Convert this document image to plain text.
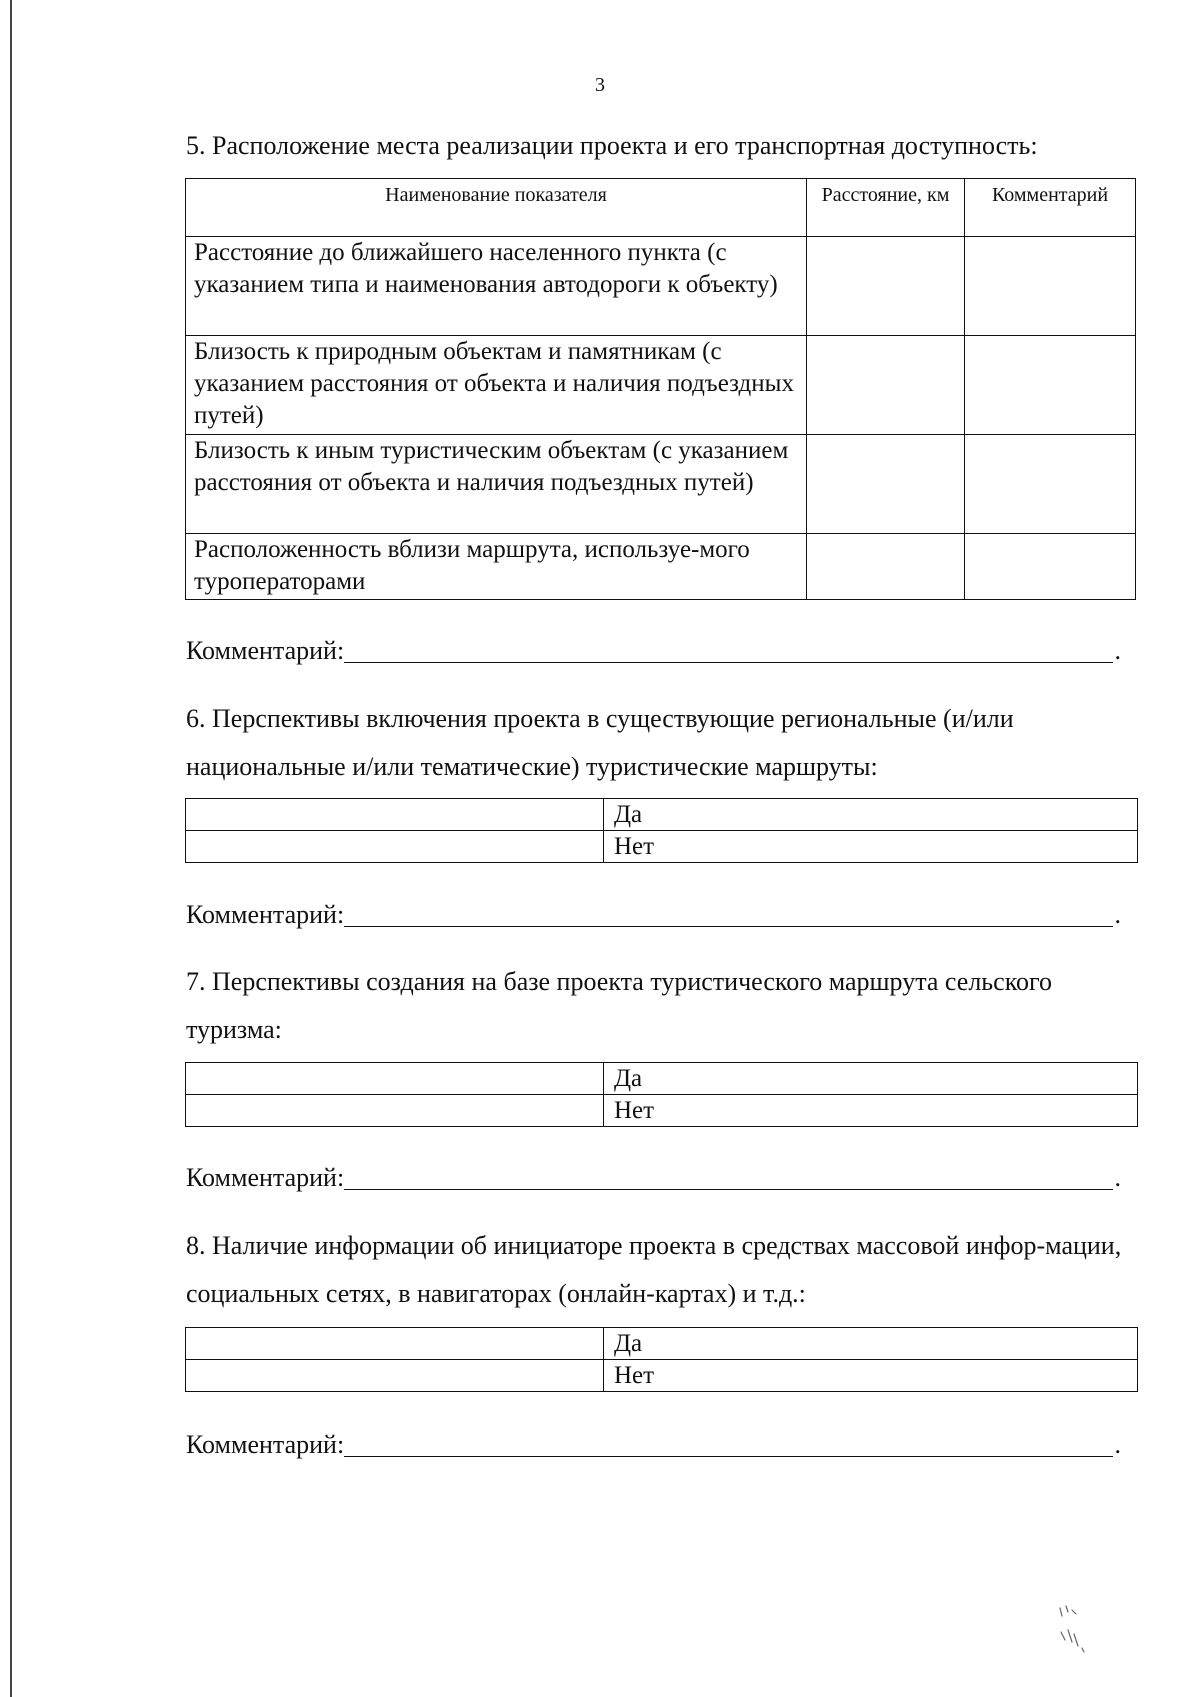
3
5. Расположение места реализации проекта и его транспортная доступность:
Наименование показателя	Расстояние, км	Комментарий
Расстояние до ближайшего населенного пункта (с указанием типа и наименования автодороги к объекту)		
Близость к природным объектам и памятникам (с указанием расстояния от объекта и наличия подъездных путей)		
Близость к иным туристическим объектам (с указанием расстояния от объекта и наличия подъездных путей)		
Расположенность вблизи маршрута, используе-мого туроператорами		
Комментарий:	.
6. Перспективы включения проекта в существующие региональные (и/или национальные и/или тематические) туристические маршруты:
	Да
	Нет
Комментарий:	.
7. Перспективы создания на базе проекта туристического маршрута сельского туризма:
	Да
	Нет
Комментарий:	.
8. Наличие информации об инициаторе проекта в средствах массовой инфор-мации, социальных сетях, в навигаторах (онлайн-картах) и т.д.:
	Да
	Нет
Комментарий:	.
